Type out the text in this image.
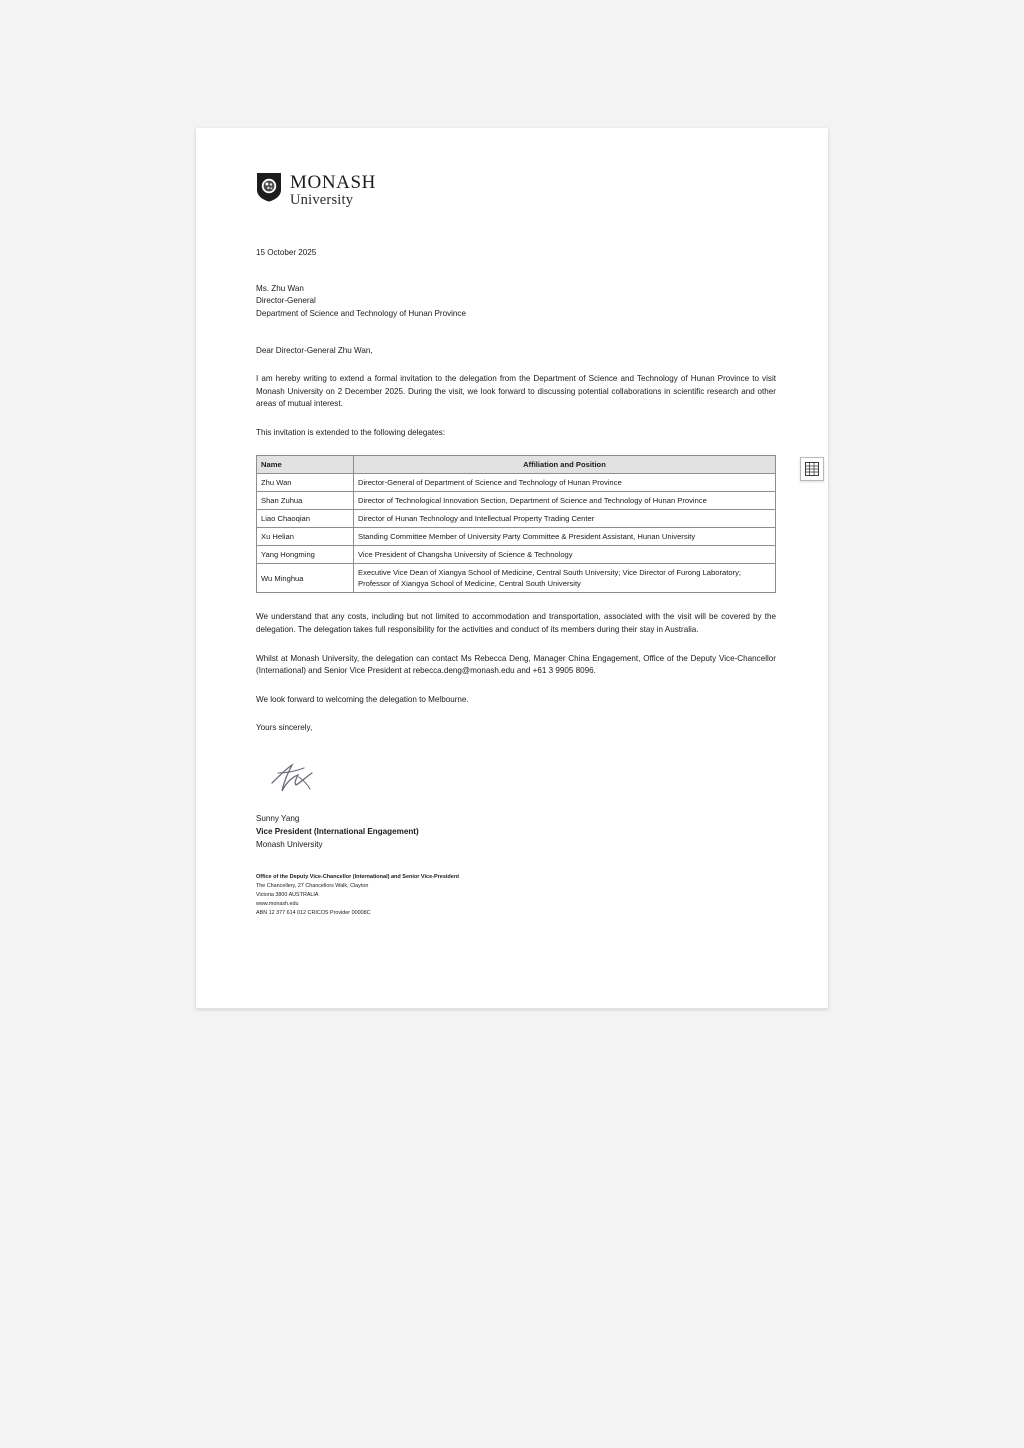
MONASH
University
15 October 2025
Ms. Zhu Wan
Director-General
Department of Science and Technology of Hunan Province
Dear Director-General Zhu Wan,
I am hereby writing to extend a formal invitation to the delegation from the Department of Science and Technology of Hunan Province to visit Monash University on 2 December 2025. During the visit, we look forward to discussing potential collaborations in scientific research and other areas of mutual interest.
This invitation is extended to the following delegates:
Name	Affiliation and Position
Zhu Wan	Director-General of Department of Science and Technology of Hunan Province
Shan Zuhua	Director of Technological Innovation Section, Department of Science and Technology of Hunan Province
Liao Chaoqian	Director of Hunan Technology and Intellectual Property Trading Center
Xu Helian	Standing Committee Member of University Party Committee & President Assistant, Hunan University
Yang Hongming	Vice President of Changsha University of Science & Technology
Wu Minghua	Executive Vice Dean of Xiangya School of Medicine, Central South University; Vice Director of Furong Laboratory; Professor of Xiangya School of Medicine, Central South University
We understand that any costs, including but not limited to accommodation and transportation, associated with the visit will be covered by the delegation. The delegation takes full responsibility for the activities and conduct of its members during their stay in Australia.
Whilst at Monash University, the delegation can contact Ms Rebecca Deng, Manager China Engagement, Office of the Deputy Vice-Chancellor (International) and Senior Vice President at rebecca.deng@monash.edu and +61 3 9905 8096.
We look forward to welcoming the delegation to Melbourne.
Yours sincerely,
Sunny Yang
Vice President (International Engagement)
Monash University
Office of the Deputy Vice-Chancellor (International) and Senior Vice-President
The Chancellery, 27 Chancellors Walk, Clayton
Victoria 3800 AUSTRALIA
www.monash.edu
ABN 12 377 614 012 CRICOS Provider 00008C
